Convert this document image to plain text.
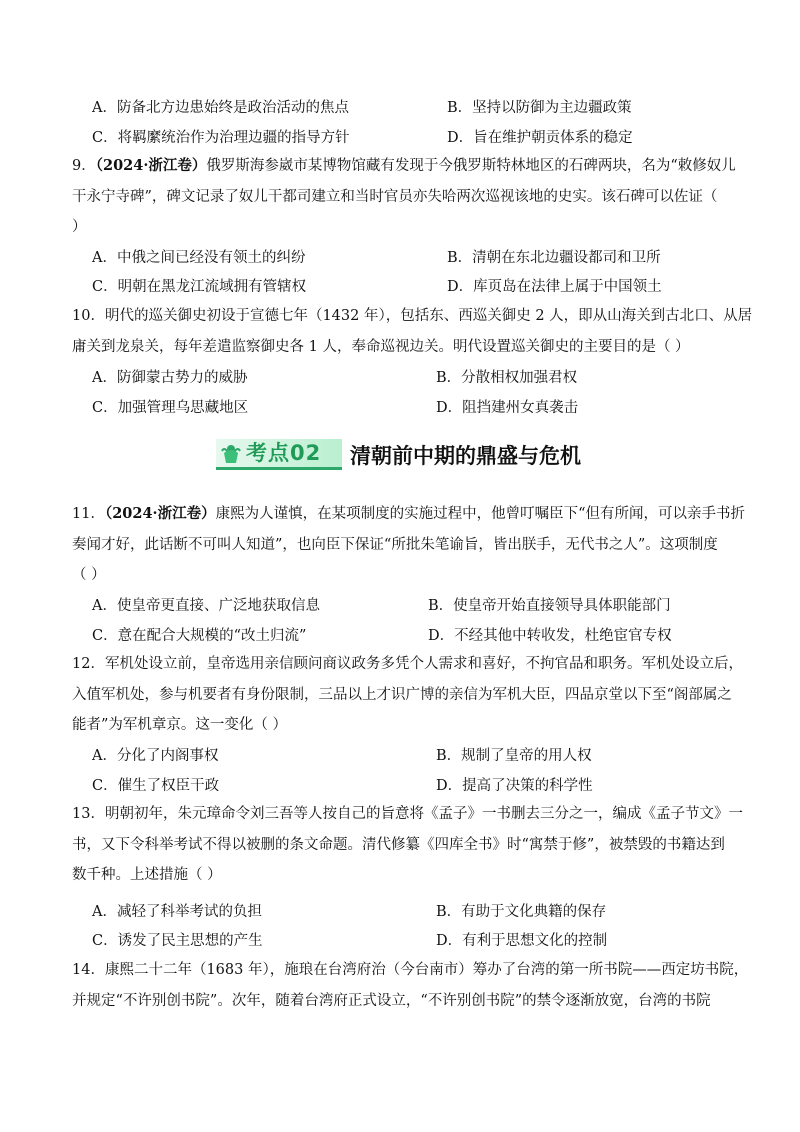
A．防备北方边患始终是政治活动的焦点	B．坚持以防御为主边疆政策
C．将羁縻统治作为治理边疆的指导方针	D．旨在维护朝贡体系的稳定
9．（2024·浙江卷）俄罗斯海参崴市某博物馆藏有发现于今俄罗斯特林地区的石碑两块，名为“敕修奴儿
干永宁寺碑”，碑文记录了奴儿干都司建立和当时官员亦失哈两次巡视该地的史实。该石碑可以佐证（
）
A．中俄之间已经没有领土的纠纷	B．清朝在东北边疆设都司和卫所
C．明朝在黑龙江流域拥有管辖权	D．库页岛在法律上属于中国领土
10．明代的巡关御史初设于宣德七年（1432 年），包括东、西巡关御史 2 人，即从山海关到古北口、从居
庸关到龙泉关，每年差遣监察御史各 1 人，奉命巡视边关。明代设置巡关御史的主要目的是（ ）
A．防御蒙古势力的威胁	B．分散相权加强君权
C．加强管理乌思藏地区	D．阻挡建州女真袭击
考点02 清朝前中期的鼎盛与危机
11．（2024·浙江卷）康熙为人谨慎，在某项制度的实施过程中，他曾叮嘱臣下“但有所闻，可以亲手书折
奏闻才好，此话断不可叫人知道”，也向臣下保证“所批朱笔谕旨，皆出朕手，无代书之人”。这项制度
（ ）
A．使皇帝更直接、广泛地获取信息	B．使皇帝开始直接领导具体职能部门
C．意在配合大规模的“改土归流”	D．不经其他中转收发，杜绝宦官专权
12．军机处设立前，皇帝选用亲信顾问商议政务多凭个人需求和喜好，不拘官品和职务。军机处设立后，
入值军机处，参与机要者有身份限制，三品以上才识广博的亲信为军机大臣，四品京堂以下至“阁部属之
能者”为军机章京。这一变化（ ）
A．分化了内阁事权	B．规制了皇帝的用人权
C．催生了权臣干政	D．提高了决策的科学性
13．明朝初年，朱元璋命令刘三吾等人按自己的旨意将《孟子》一书删去三分之一，编成《孟子节文》一
书，又下令科举考试不得以被删的条文命题。清代修纂《四库全书》时“寓禁于修”，被禁毁的书籍达到
数千种。上述措施（ ）
A．减轻了科举考试的负担	B．有助于文化典籍的保存
C．诱发了民主思想的产生	D．有利于思想文化的控制
14．康熙二十二年（1683 年），施琅在台湾府治（今台南市）筹办了台湾的第一所书院——西定坊书院，
并规定“不许别创书院”。次年，随着台湾府正式设立，“不许别创书院”的禁令逐渐放宽，台湾的书院
